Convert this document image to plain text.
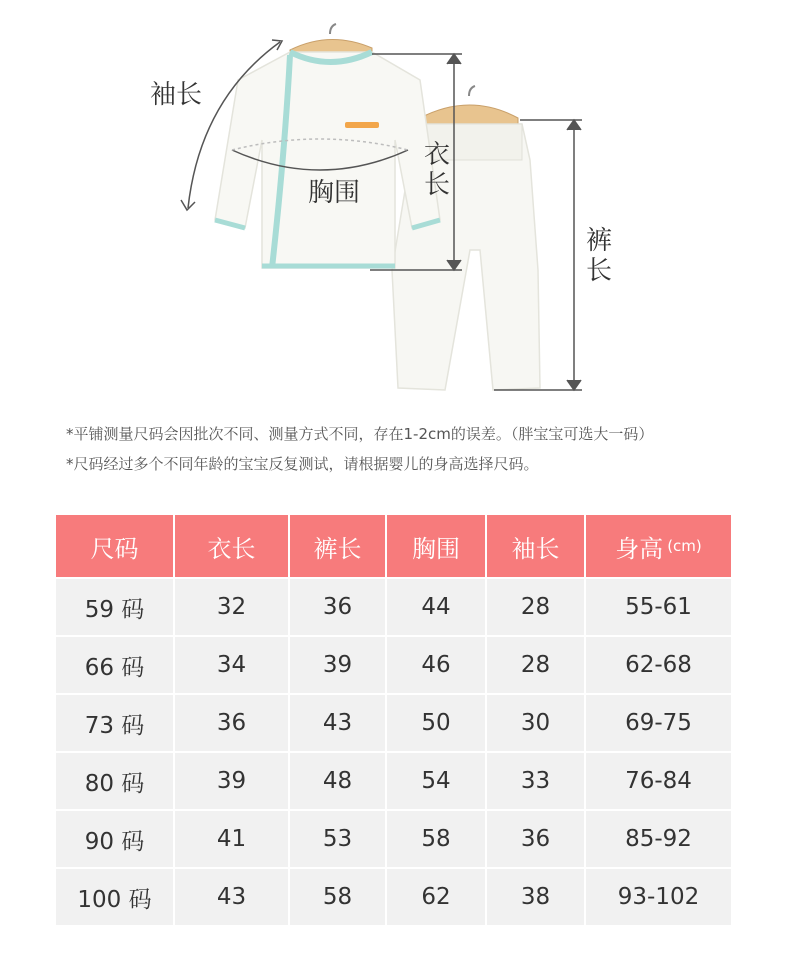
袖长
胸围
衣长
裤长
*平铺测量尺码会因批次不同、测量方式不同，存在1-2cm的误差。（胖宝宝可选大一码）
*尺码经过多个不同年龄的宝宝反复测试，请根据婴儿的身高选择尺码。
尺码	衣长	裤长	胸围	袖长	身高 (cm)
59 码	32	36	44	28	55-61
66 码	34	39	46	28	62-68
73 码	36	43	50	30	69-75
80 码	39	48	54	33	76-84
90 码	41	53	58	36	85-92
100 码	43	58	62	38	93-102
